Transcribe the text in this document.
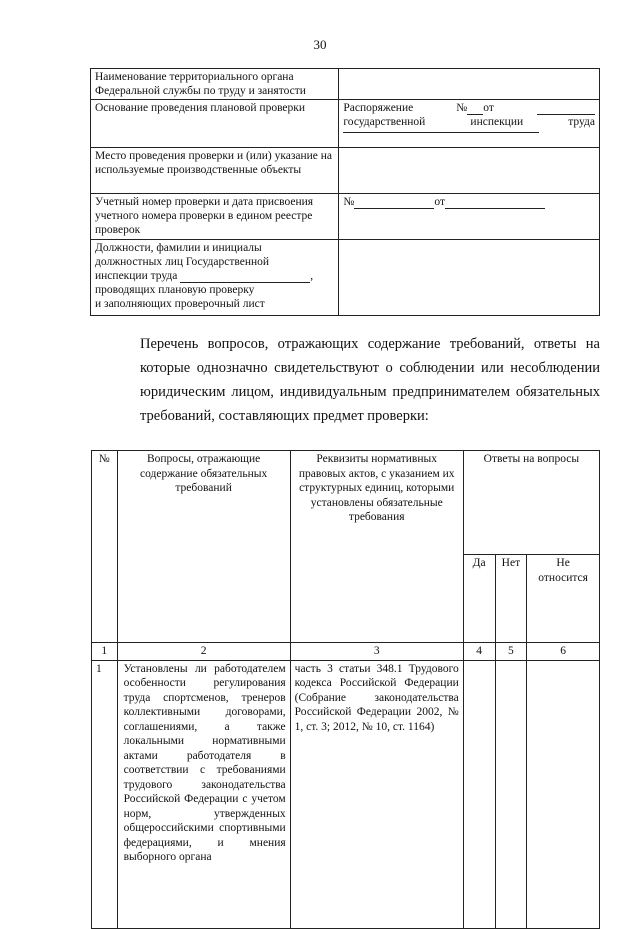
30
Наименование территориального органа Федеральной службы по труду и занятости	
Основание проведения плановой проверки	Распоряжение № от
государственной инспекции труда

Место проведения проверки и (или) указание на используемые производственные объекты	
Учетный номер проверки и дата присвоения учетного номера проверки в едином реестре проверок	№ от

Должности, фамилии и инициалы
должностных лиц Государственной
инспекции труда ,
проводящих плановую проверку
и заполняющих проверочный лист	

Перечень вопросов, отражающих содержание требований, ответы на которые однозначно свидетельствуют о соблюдении или несоблюдении юридическим лицом, индивидуальным предпринимателем обязательных требований, составляющих предмет проверки:
№	Вопросы, отражающие содержание обязательных требований	Реквизиты нормативных правовых актов, с указанием их структурных единиц, которыми установлены обязательные требования	Ответы на вопросы		
			Да	Нет	Не относится
1	2	3	4	5	6
1	Установлены ли работодателем особенности регулирования труда спортсменов, тренеров коллективными договорами, соглашениями, а также локальными нормативными актами работодателя в соответствии с требованиями трудового законодательства Российской Федерации с учетом норм, утвержденных общероссийскими спортивными федерациями, и мнения выборного органа	часть 3 статьи 348.1 Трудового кодекса Российской Федерации (Собрание законодательства Российской Федерации 2002, № 1, ст. 3; 2012, № 10, ст. 1164)			
